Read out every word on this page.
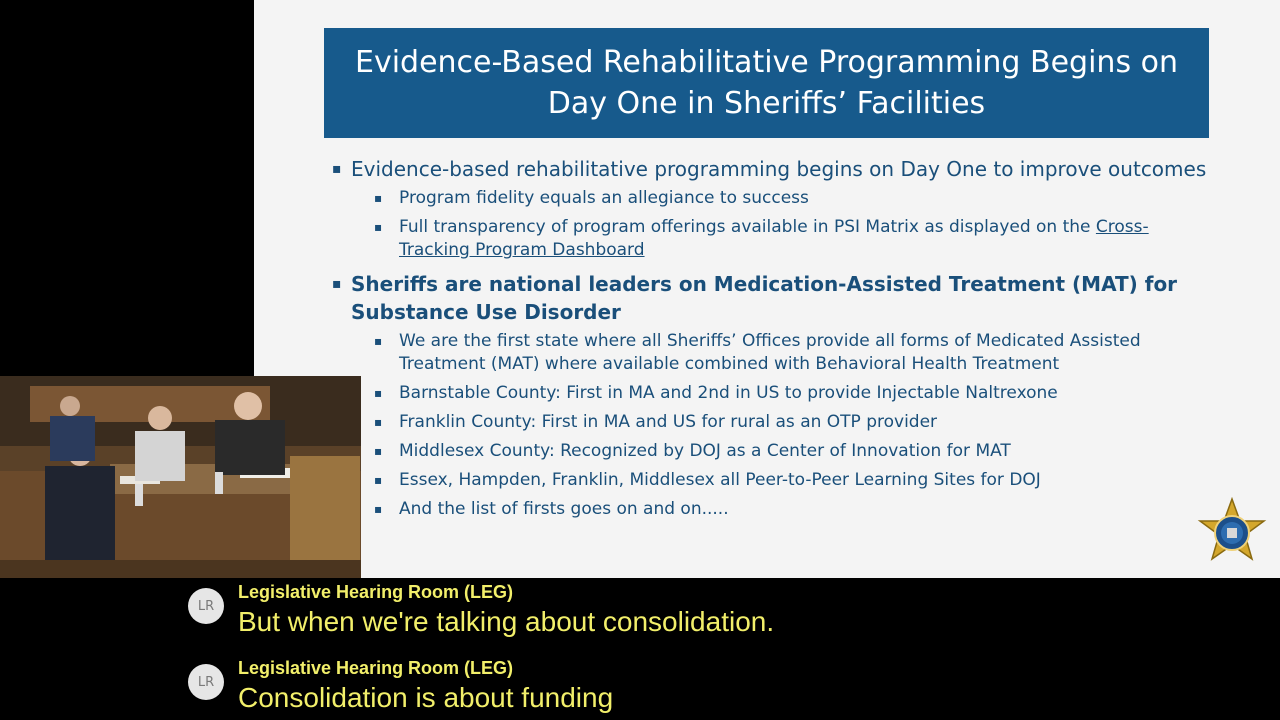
Evidence-Based Rehabilitative Programming Begins on
Day One in Sheriffs’ Facilities
▪ Evidence-based rehabilitative programming begins on Day One to improve outcomes
▪ Program fidelity equals an allegiance to success
▪ Full transparency of program offerings available in PSI Matrix as displayed on the Cross-Tracking Program Dashboard
▪ Sheriffs are national leaders on Medication-Assisted Treatment (MAT) for Substance Use Disorder
▪ We are the first state where all Sheriffs’ Offices provide all forms of Medicated Assisted Treatment (MAT) where available combined with Behavioral Health Treatment
▪ Barnstable County: First in MA and 2nd in US to provide Injectable Naltrexone
▪ Franklin County: First in MA and US for rural as an OTP provider
▪ Middlesex County: Recognized by DOJ as a Center of Innovation for MAT
▪ Essex, Hampden, Franklin, Middlesex all Peer-to-Peer Learning Sites for DOJ
▪ And the list of firsts goes on and on.....
LR
Legislative Hearing Room (LEG)
But when we're talking about consolidation.
LR
Legislative Hearing Room (LEG)
Consolidation is about funding
